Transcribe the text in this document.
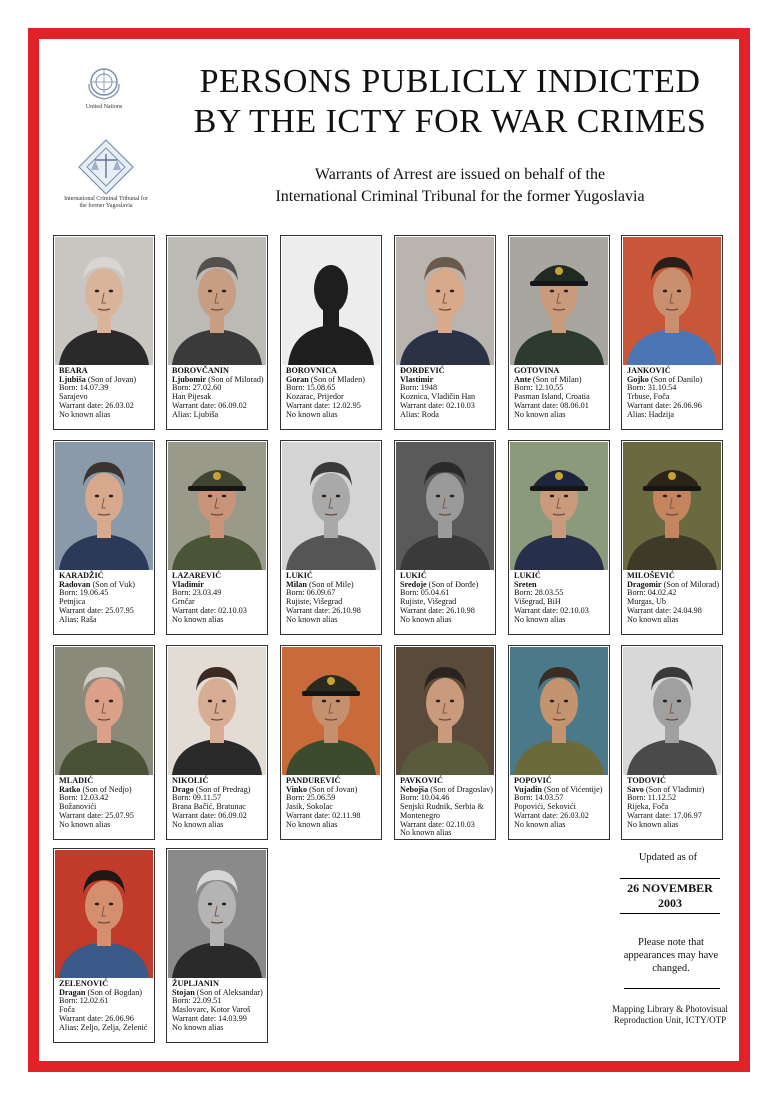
United Nations
International Criminal Tribunal for the former Yugoslavia
PERSONS PUBLICLY INDICTED
BY THE ICTY FOR WAR CRIMES
Warrants of Arrest are issued on behalf of the
International Criminal Tribunal for the former Yugoslavia
BEARA
Ljubiša (Son of Jovan)
Born: 14.07.39
Sarajevo
Warrant date: 26.03.02
No known alias
BOROVČANIN
Ljubomir (Son of Milorad)
Born: 27.02.60
Han Pijesak
Warrant date: 06.09.02
Alias: Ljubiša
BOROVNICA
Goran (Son of Mladen)
Born: 15.08.65
Kozarac, Prijedor
Warrant date: 12.02.95
No known alias
ĐORĐEVIĆ
Vlastimir
Born: 1948
Koznica, Vladičin Han
Warrant date: 02.10.03
Alias: Roda
GOTOVINA
Ante (Son of Milan)
Born: 12.10.55
Pasman Island, Croatia
Warrant date: 08.06.01
No known alias
JANKOVIĆ
Gojko (Son of Danilo)
Born: 31.10.54
Trbuse, Foča
Warrant date: 26.06.96
Alias: Hadzija
KARADŽIĆ
Radovan (Son of Vuk)
Born: 19.06.45
Petnjica
Warrant date: 25.07.95
Alias: Raša
LAZAREVIĆ
Vladimir
Born: 23.03.49
Grnčar
Warrant date: 02.10.03
No known alias
LUKIĆ
Milan (Son of Mile)
Born: 06.09.67
Rujiste, Višegrad
Warrant date: 26.10.98
No known alias
LUKIĆ
Sredoje (Son of Đorđe)
Born: 05.04.61
Rujiste, Višegrad
Warrant date: 26.10.98
No known alias
LUKIĆ
Sreten
Born: 28.03.55
Višegrad, BiH
Warrant date: 02.10.03
No known alias
MILOŠEVIĆ
Dragomir (Son of Milorad)
Born: 04.02.42
Murgas, Ub
Warrant date: 24.04.98
No known alias
MLADIĆ
Ratko (Son of Nedjo)
Born: 12.03.42
Božanovići
Warrant date: 25.07.95
No known alias
NIKOLIĆ
Drago (Son of Predrag)
Born: 09.11.57
Brana Bačić, Bratunac
Warrant date: 06.09.02
No known alias
PANDUREVIĆ
Vinko (Son of Jovan)
Born: 25.06.59
Jasik, Sokolac
Warrant date: 02.11.98
No known alias
PAVKOVIĆ
Nebojša (Son of Dragoslav)
Born: 10.04.46
Senjski Rudnik, Serbia & Montenegro
Warrant date: 02.10.03
No known alias
POPOVIĆ
Vujadin (Son of Vićentije)
Born: 14.03.57
Popovići, Šekovići
Warrant date: 26.03.02
No known alias
TODOVIĆ
Savo (Son of Vladimir)
Born: 11.12.52
Rijeka, Foča
Warrant date: 17.06.97
No known alias
ZELENOVIĆ
Dragan (Son of Bogdan)
Born: 12.02.61
Foča
Warrant date: 26.06.96
Alias: Željo, Želja, Zelenić
ŽUPLJANIN
Stojan (Son of Aleksandar)
Born: 22.09.51
Maslovarc, Kotor Varoš
Warrant date: 14.03.99
No known alias
Updated as of
26 NOVEMBER
2003
Please note that appearances may have changed.
Mapping Library & Photovisual Reproduction Unit, ICTY/OTP
